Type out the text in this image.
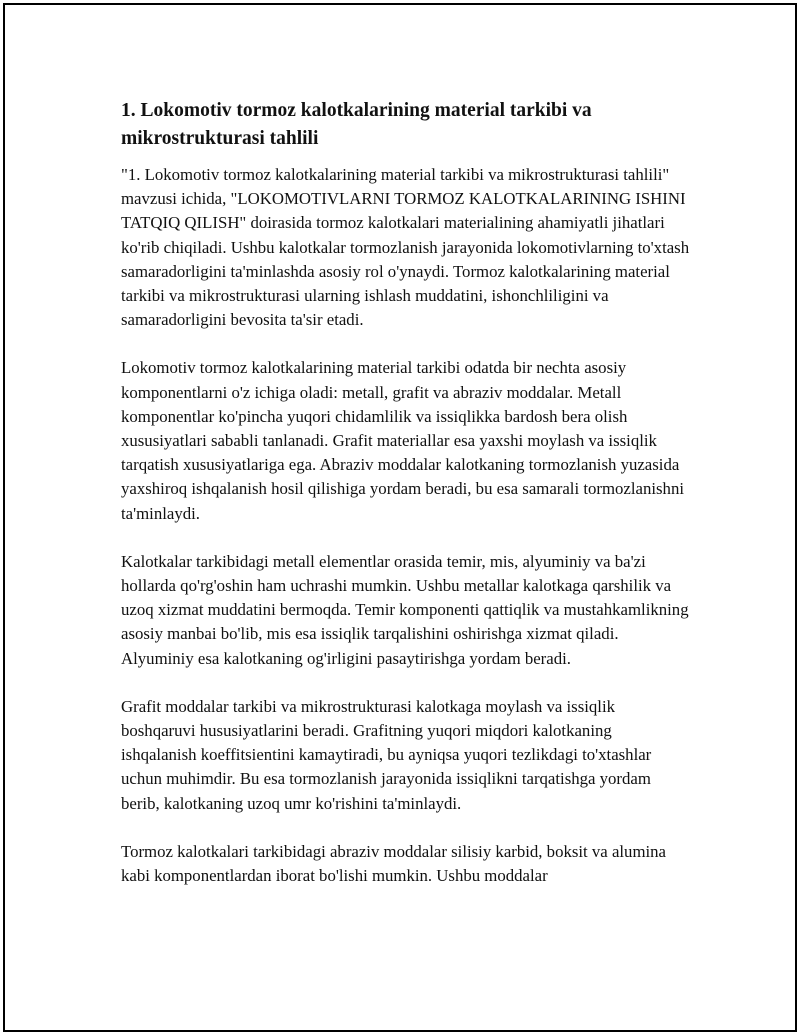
1. Lokomotiv tormoz kalotkalarining material tarkibi va mikrostrukturasi tahlili

"1. Lokomotiv tormoz kalotkalarining material tarkibi va mikrostrukturasi tahlili" mavzusi ichida, "LOKOMOTIVLARNI TORMOZ KALOTKALARINING ISHINI TATQIQ QILISH" doirasida tormoz kalotkalari materialining ahamiyatli jihatlari ko'rib chiqiladi. Ushbu kalotkalar tormozlanish jarayonida lokomotivlarning to'xtash samaradorligini ta'minlashda asosiy rol o'ynaydi. Tormoz kalotkalarining material tarkibi va mikrostrukturasi ularning ishlash muddatini, ishonchliligini va samaradorligini bevosita ta'sir etadi.

Lokomotiv tormoz kalotkalarining material tarkibi odatda bir nechta asosiy komponentlarni o'z ichiga oladi: metall, grafit va abraziv moddalar. Metall komponentlar ko'pincha yuqori chidamlilik va issiqlikka bardosh bera olish xususiyatlari sababli tanlanadi. Grafit materiallar esa yaxshi moylash va issiqlik tarqatish xususiyatlariga ega. Abraziv moddalar kalotkaning tormozlanish yuzasida yaxshiroq ishqalanish hosil qilishiga yordam beradi, bu esa samarali tormozlanishni ta'minlaydi.

Kalotkalar tarkibidagi metall elementlar orasida temir, mis, alyuminiy va ba'zi hollarda qo'rg'oshin ham uchrashi mumkin. Ushbu metallar kalotkaga qarshilik va uzoq xizmat muddatini bermoqda. Temir komponenti qattiqlik va mustahkamlikning asosiy manbai bo'lib, mis esa issiqlik tarqalishini oshirishga xizmat qiladi. Alyuminiy esa kalotkaning og'irligini pasaytirishga yordam beradi.

Grafit moddalar tarkibi va mikrostrukturasi kalotkaga moylash va issiqlik boshqaruvi hususiyatlarini beradi. Grafitning yuqori miqdori kalotkaning ishqalanish koeffitsientini kamaytiradi, bu ayniqsa yuqori tezlikdagi to'xtashlar uchun muhimdir. Bu esa tormozlanish jarayonida issiqlikni tarqatishga yordam berib, kalotkaning uzoq umr ko'rishini ta'minlaydi.

Tormoz kalotkalari tarkibidagi abraziv moddalar silisiy karbid, boksit va alumina kabi komponentlardan iborat bo'lishi mumkin. Ushbu moddalar
